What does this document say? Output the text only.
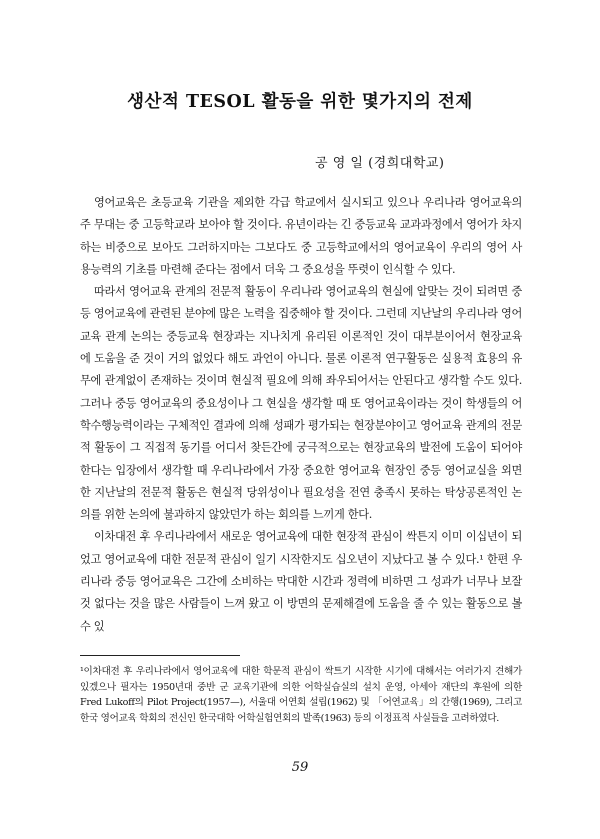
생산적 TESOL 활동을 위한 몇가지의 전제
공 영 일 (경희대학교)

영어교육은 초등교육 기관을 제외한 각급 학교에서 실시되고 있으나 우리나라 영어교육의 주 무대는 중 고등학교라 보아야 할 것이다. 유년이라는 긴 중등교육 교과과정에서 영어가 차지하는 비중으로 보아도 그러하지마는 그보다도 중 고등학교에서의 영어교육이 우리의 영어 사용능력의 기초를 마련해 준다는 점에서 더욱 그 중요성을 뚜렷이 인식할 수 있다.

따라서 영어교육 관계의 전문적 활동이 우리나라 영어교육의 현실에 알맞는 것이 되려면 중등 영어교육에 관련된 분야에 많은 노력을 집중해야 할 것이다. 그런데 지난날의 우리나라 영어교육 관계 논의는 중등교육 현장과는 지나치게 유리된 이론적인 것이 대부분이어서 현장교육에 도움을 준 것이 거의 없었다 해도 과언이 아니다. 물론 이론적 연구활동은 실용적 효용의 유무에 관계없이 존재하는 것이며 현실적 필요에 의해 좌우되어서는 안된다고 생각할 수도 있다. 그러나 중등 영어교육의 중요성이나 그 현실을 생각할 때 또 영어교육이라는 것이 학생들의 어학수행능력이라는 구체적인 결과에 의해 성패가 평가되는 현장분야이고 영어교육 관계의 전문적 활동이 그 직접적 동기를 어디서 찾든간에 궁극적으로는 현장교육의 발전에 도움이 되어야 한다는 입장에서 생각할 때 우리나라에서 가장 중요한 영어교육 현장인 중등 영어교실을 외면한 지난날의 전문적 활동은 현실적 당위성이나 필요성을 전연 충족시 못하는 탁상공론적인 논의를 위한 논의에 불과하지 않았던가 하는 회의를 느끼게 한다.

이차대전 후 우리나라에서 새로운 영어교육에 대한 현장적 관심이 싹튼지 이미 이십년이 되었고 영어교육에 대한 전문적 관심이 일기 시작한지도 십오년이 지났다고 볼 수 있다.¹ 한편 우리나라 중등 영어교육은 그간에 소비하는 막대한 시간과 정력에 비하면 그 성과가 너무나 보잘것 없다는 것을 많은 사람들이 느껴 왔고 이 방면의 문제해결에 도움을 줄 수 있는 활동으로 볼수 있

¹이차대전 후 우리나라에서 영어교육에 대한 학문적 관심이 싹트기 시작한 시기에 대해서는 여러가지 견해가 있겠으나 필자는 1950년대 중반 군 교육기관에 의한 어학실습실의 설치 운영, 아세아 재단의 후원에 의한 Fred Lukoff의 Pilot Project(1957—), 서울대 어연회 설립(1962) 및 「어연교육」의 간행(1969), 그리고 한국 영어교육 학회의 전신인 한국대학 어학실험연회의 발족(1963) 등의 이정표적 사실들을 고려하였다.

59
